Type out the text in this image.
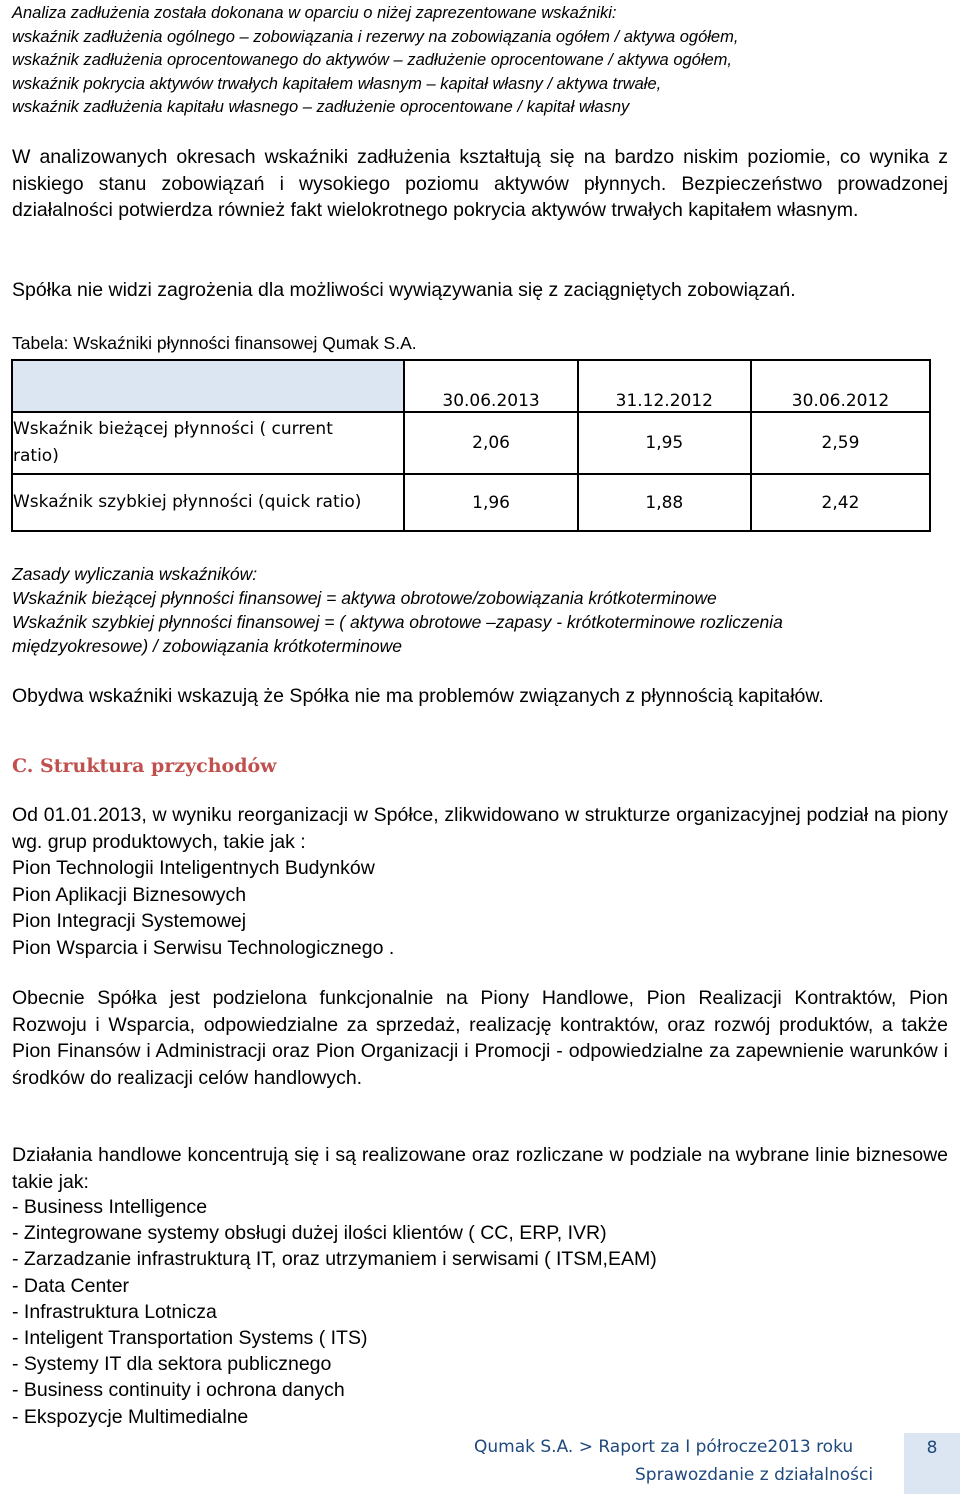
Analiza zadłużenia została dokonana w oparciu o niżej zaprezentowane wskaźniki:
wskaźnik zadłużenia ogólnego – zobowiązania i rezerwy na zobowiązania ogółem / aktywa ogółem,
wskaźnik zadłużenia oprocentowanego do aktywów – zadłużenie oprocentowane / aktywa ogółem,
wskaźnik pokrycia aktywów trwałych kapitałem własnym – kapitał własny / aktywa trwałe,
wskaźnik zadłużenia kapitału własnego – zadłużenie oprocentowane / kapitał własny

W analizowanych okresach wskaźniki zadłużenia kształtują się na bardzo niskim poziomie, co wynika z niskiego stanu zobowiązań i wysokiego poziomu aktywów płynnych. Bezpieczeństwo prowadzonej działalności potwierdza również fakt wielokrotnego pokrycia aktywów trwałych kapitałem własnym.

Spółka nie widzi zagrożenia dla możliwości wywiązywania się z zaciągniętych zobowiązań.

Tabela: Wskaźniki płynności finansowej Qumak S.A.
	30.06.2013	31.12.2012	30.06.2012

Wskaźnik bieżącej płynności ( current
ratio)	2,06	1,95	2,59
Wskaźnik szybkiej płynności (quick ratio)	1,96	1,88	2,42
Zasady wyliczania wskaźników:
Wskaźnik bieżącej płynności finansowej = aktywa obrotowe/zobowiązania krótkoterminowe
Wskaźnik szybkiej płynności finansowej = ( aktywa obrotowe –zapasy - krótkoterminowe rozliczenia
międzyokresowe) / zobowiązania krótkoterminowe

Obydwa wskaźniki wskazują że Spółka nie ma problemów związanych z płynnością kapitałów.

C. Struktura przychodów

Od 01.01.2013, w wyniku reorganizacji w Spółce, zlikwidowano w strukturze organizacyjnej podział na piony wg. grup produktowych, takie jak :

Pion Technologii Inteligentnych Budynków
Pion Aplikacji Biznesowych
Pion Integracji Systemowej
Pion Wsparcia i Serwisu Technologicznego .

Obecnie Spółka jest podzielona funkcjonalnie na Piony Handlowe, Pion Realizacji Kontraktów, Pion Rozwoju i Wsparcia, odpowiedzialne za sprzedaż, realizację kontraktów, oraz rozwój produktów, a także Pion Finansów i Administracji oraz Pion Organizacji i Promocji - odpowiedzialne za zapewnienie warunków i środków do realizacji celów handlowych.

Działania handlowe koncentrują się i są realizowane oraz rozliczane w podziale na wybrane linie biznesowe takie jak:

- Business Intelligence
- Zintegrowane systemy obsługi dużej ilości klientów ( CC, ERP, IVR)
- Zarzadzanie infrastrukturą IT, oraz utrzymaniem i serwisami ( ITSM,EAM)
- Data Center
- Infrastruktura Lotnicza
- Inteligent Transportation Systems ( ITS)
- Systemy IT dla sektora publicznego
- Business continuity i ochrona danych
- Ekspozycje Multimedialne
Qumak S.A. > Raport za I półrocze2013 roku
Sprawozdanie z działalności
8
